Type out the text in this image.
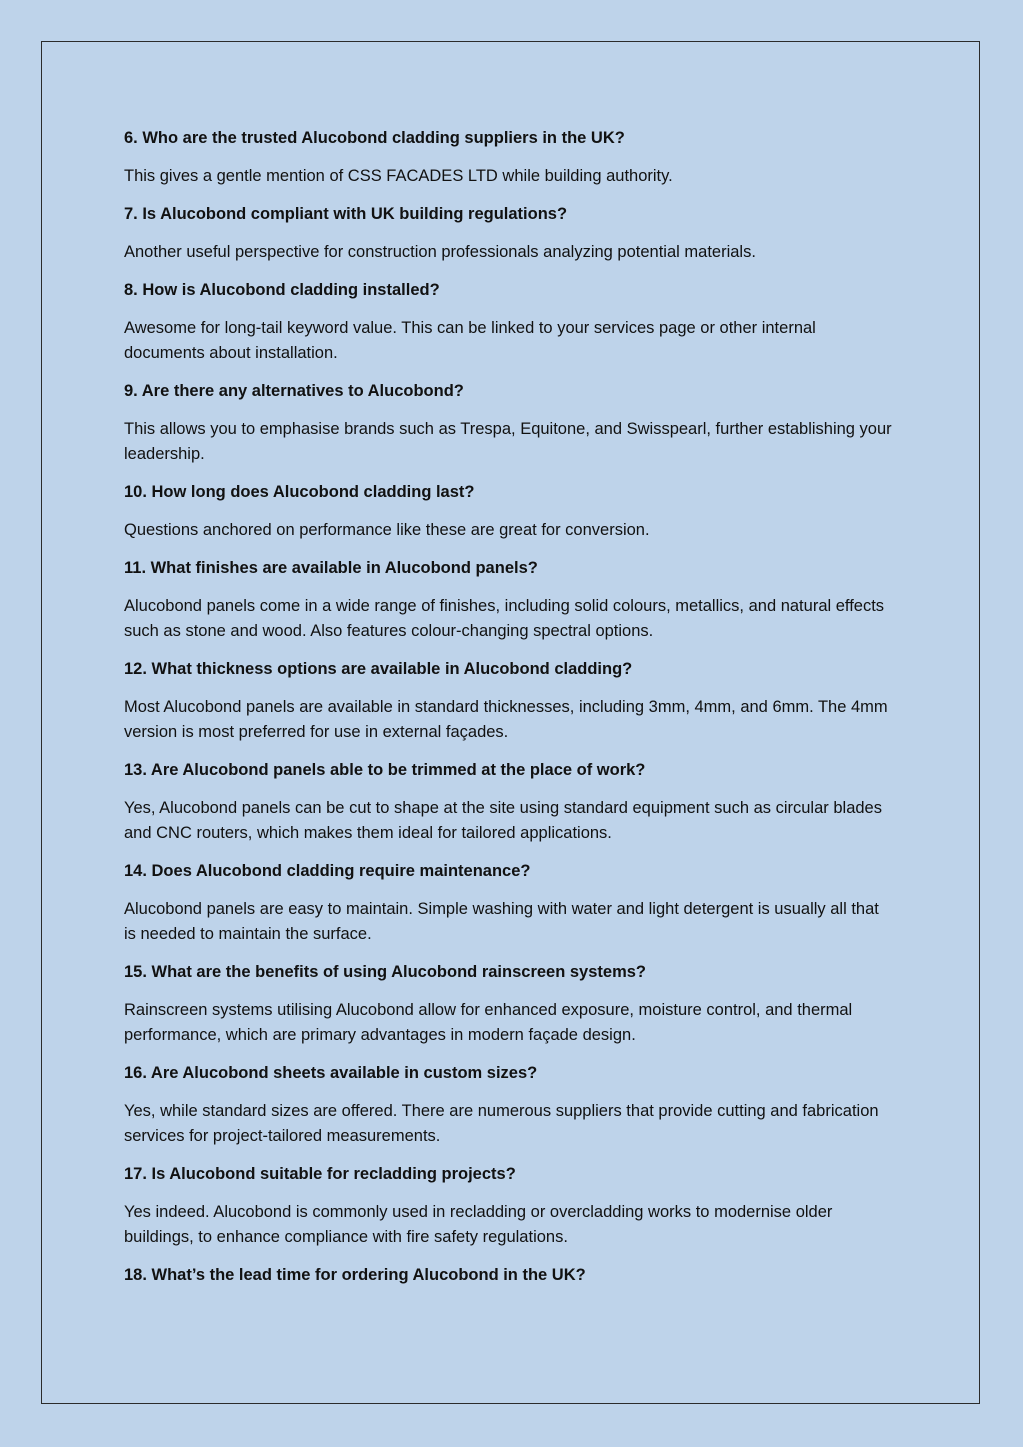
6. Who are the trusted Alucobond cladding suppliers in the UK?

This gives a gentle mention of CSS FACADES LTD while building authority.

7. Is Alucobond compliant with UK building regulations?

Another useful perspective for construction professionals analyzing potential materials.

8. How is Alucobond cladding installed?

Awesome for long-tail keyword value. This can be linked to your services page or other internal documents about installation.

9. Are there any alternatives to Alucobond?

This allows you to emphasise brands such as Trespa, Equitone, and Swisspearl, further establishing your leadership.

10. How long does Alucobond cladding last?

Questions anchored on performance like these are great for conversion.

11. What finishes are available in Alucobond panels?

Alucobond panels come in a wide range of finishes, including solid colours, metallics, and natural effects such as stone and wood. Also features colour-changing spectral options.

12. What thickness options are available in Alucobond cladding?

Most Alucobond panels are available in standard thicknesses, including 3mm, 4mm, and 6mm. The 4mm version is most preferred for use in external façades.

13. Are Alucobond panels able to be trimmed at the place of work?

Yes, Alucobond panels can be cut to shape at the site using standard equipment such as circular blades and CNC routers, which makes them ideal for tailored applications.

14. Does Alucobond cladding require maintenance?

Alucobond panels are easy to maintain. Simple washing with water and light detergent is usually all that is needed to maintain the surface.

15. What are the benefits of using Alucobond rainscreen systems?

Rainscreen systems utilising Alucobond allow for enhanced exposure, moisture control, and thermal performance, which are primary advantages in modern façade design.

16. Are Alucobond sheets available in custom sizes?

Yes, while standard sizes are offered. There are numerous suppliers that provide cutting and fabrication services for project-tailored measurements.

17. Is Alucobond suitable for recladding projects?

Yes indeed. Alucobond is commonly used in recladding or overcladding works to modernise older buildings, to enhance compliance with fire safety regulations.

18. What’s the lead time for ordering Alucobond in the UK?
